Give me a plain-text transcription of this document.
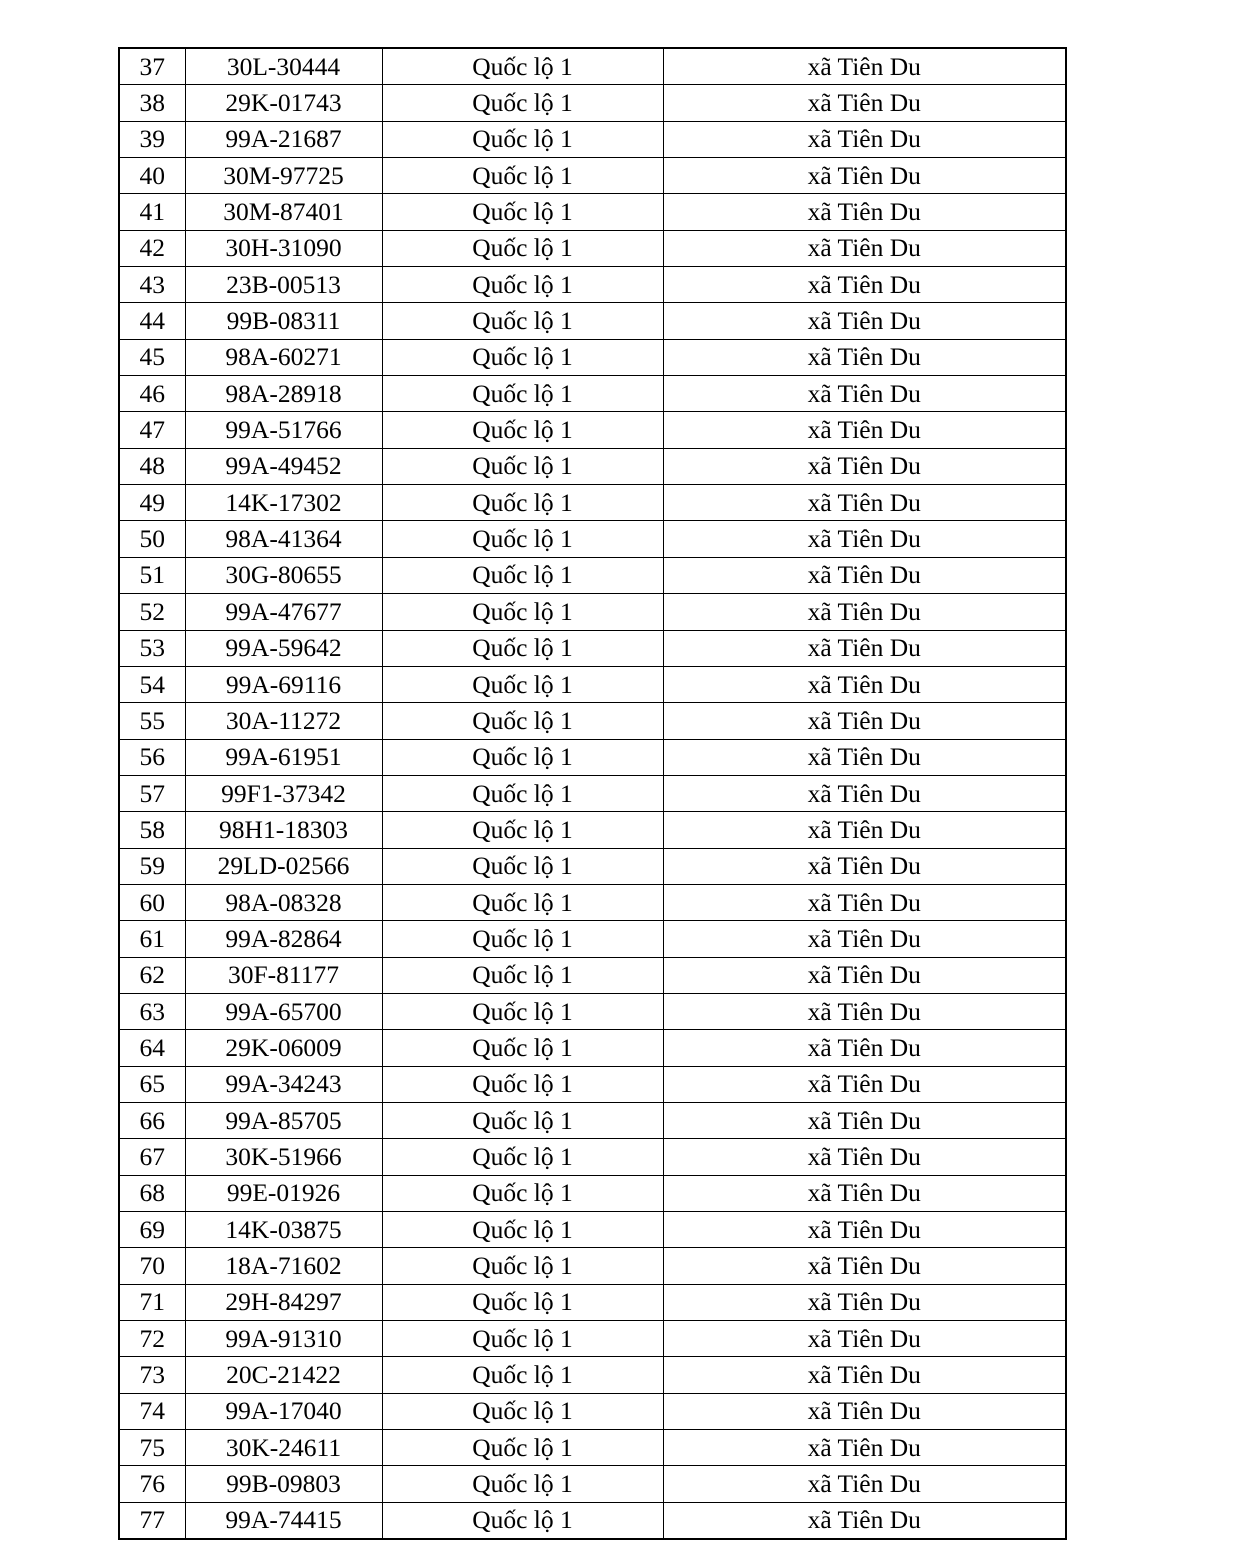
37	30L-30444	Quốc lộ 1	xã Tiên Du
38	29K-01743	Quốc lộ 1	xã Tiên Du
39	99A-21687	Quốc lộ 1	xã Tiên Du
40	30M-97725	Quốc lộ 1	xã Tiên Du
41	30M-87401	Quốc lộ 1	xã Tiên Du
42	30H-31090	Quốc lộ 1	xã Tiên Du
43	23B-00513	Quốc lộ 1	xã Tiên Du
44	99B-08311	Quốc lộ 1	xã Tiên Du
45	98A-60271	Quốc lộ 1	xã Tiên Du
46	98A-28918	Quốc lộ 1	xã Tiên Du
47	99A-51766	Quốc lộ 1	xã Tiên Du
48	99A-49452	Quốc lộ 1	xã Tiên Du
49	14K-17302	Quốc lộ 1	xã Tiên Du
50	98A-41364	Quốc lộ 1	xã Tiên Du
51	30G-80655	Quốc lộ 1	xã Tiên Du
52	99A-47677	Quốc lộ 1	xã Tiên Du
53	99A-59642	Quốc lộ 1	xã Tiên Du
54	99A-69116	Quốc lộ 1	xã Tiên Du
55	30A-11272	Quốc lộ 1	xã Tiên Du
56	99A-61951	Quốc lộ 1	xã Tiên Du
57	99F1-37342	Quốc lộ 1	xã Tiên Du
58	98H1-18303	Quốc lộ 1	xã Tiên Du
59	29LD-02566	Quốc lộ 1	xã Tiên Du
60	98A-08328	Quốc lộ 1	xã Tiên Du
61	99A-82864	Quốc lộ 1	xã Tiên Du
62	30F-81177	Quốc lộ 1	xã Tiên Du
63	99A-65700	Quốc lộ 1	xã Tiên Du
64	29K-06009	Quốc lộ 1	xã Tiên Du
65	99A-34243	Quốc lộ 1	xã Tiên Du
66	99A-85705	Quốc lộ 1	xã Tiên Du
67	30K-51966	Quốc lộ 1	xã Tiên Du
68	99E-01926	Quốc lộ 1	xã Tiên Du
69	14K-03875	Quốc lộ 1	xã Tiên Du
70	18A-71602	Quốc lộ 1	xã Tiên Du
71	29H-84297	Quốc lộ 1	xã Tiên Du
72	99A-91310	Quốc lộ 1	xã Tiên Du
73	20C-21422	Quốc lộ 1	xã Tiên Du
74	99A-17040	Quốc lộ 1	xã Tiên Du
75	30K-24611	Quốc lộ 1	xã Tiên Du
76	99B-09803	Quốc lộ 1	xã Tiên Du
77	99A-74415	Quốc lộ 1	xã Tiên Du
